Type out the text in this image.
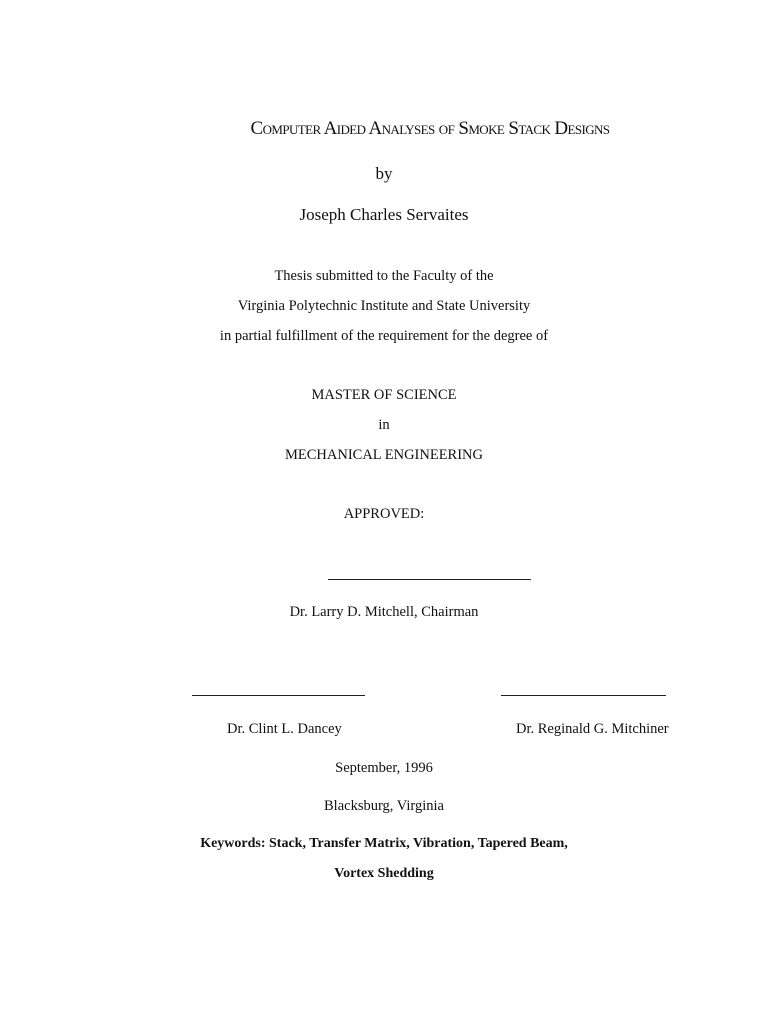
Computer Aided Analyses of Smoke Stack Designs
by
Joseph Charles Servaites
Thesis submitted to the Faculty of the
Virginia Polytechnic Institute and State University
in partial fulfillment of the requirement for the degree of
MASTER OF SCIENCE
in
MECHANICAL ENGINEERING
APPROVED:
Dr. Larry D. Mitchell, Chairman
Dr. Clint L. Dancey	Dr. Reginald G. Mitchiner
September, 1996
Blacksburg, Virginia
Keywords: Stack, Transfer Matrix, Vibration, Tapered Beam,
Vortex Shedding
